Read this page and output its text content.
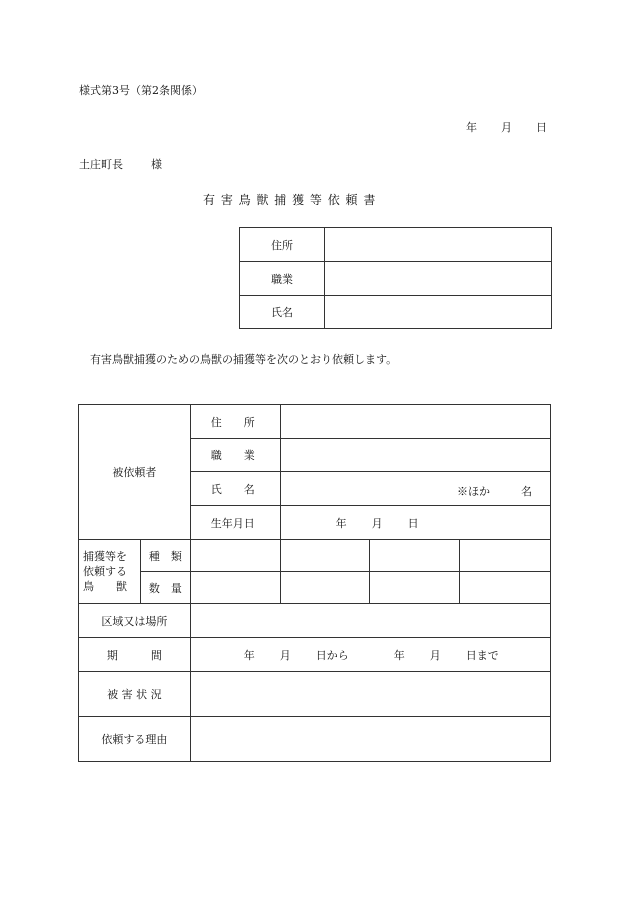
様式第3号（第2条関係）
年 月 日
土庄町長	様
有 害 鳥 獣 捕 獲 等 依 頼 書
住所	
職業	
氏名	
有害鳥獣捕獲のための鳥獣の捕獲等を次のとおり依頼します。
被依頼者		住　　所			
		職　　業			
		氏　　名	※ほか 名		

		生年月日	年 月 日		

捕獲等を
依頼する
鳥　　獣	種　類				
	数　量				
区域又は場所					
期　　　間		年 月 日から 年 月 日まで			
被 害 状 況					
依頼する理由					
